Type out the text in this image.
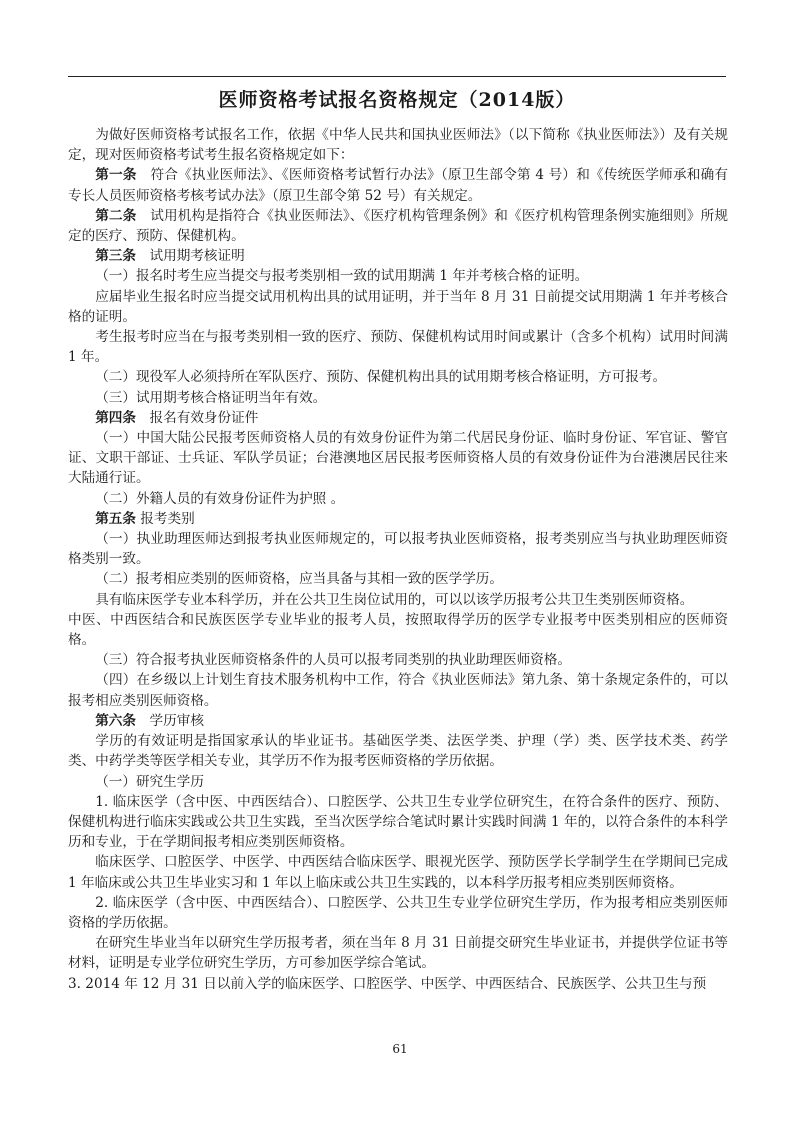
医师资格考试报名资格规定（2014版）

为做好医师资格考试报名工作，依据《中华人民共和国执业医师法》（以下简称《执业医师法》）及有关规定，现对医师资格考试考生报名资格规定如下：

第一条　符合《执业医师法》、《医师资格考试暂行办法》（原卫生部令第 4 号）和《传统医学师承和确有专长人员医师资格考核考试办法》（原卫生部令第 52 号）有关规定。

第二条　试用机构是指符合《执业医师法》、《医疗机构管理条例》和《医疗机构管理条例实施细则》所规定的医疗、预防、保健机构。

第三条　试用期考核证明

（一）报名时考生应当提交与报考类别相一致的试用期满 1 年并考核合格的证明。

应届毕业生报名时应当提交试用机构出具的试用证明，并于当年 8 月 31 日前提交试用期满 1 年并考核合格的证明。

考生报考时应当在与报考类别相一致的医疗、预防、保健机构试用时间或累计（含多个机构）试用时间满 1 年。

（二）现役军人必须持所在军队医疗、预防、保健机构出具的试用期考核合格证明，方可报考。

（三）试用期考核合格证明当年有效。

第四条　报名有效身份证件

（一）中国大陆公民报考医师资格人员的有效身份证件为第二代居民身份证、临时身份证、军官证、警官证、文职干部证、士兵证、军队学员证；台港澳地区居民报考医师资格人员的有效身份证件为台港澳居民往来大陆通行证。

（二）外籍人员的有效身份证件为护照 。

第五条 报考类别

（一）执业助理医师达到报考执业医师规定的，可以报考执业医师资格，报考类别应当与执业助理医师资格类别一致。

（二）报考相应类别的医师资格，应当具备与其相一致的医学学历。

具有临床医学专业本科学历，并在公共卫生岗位试用的，可以以该学历报考公共卫生类别医师资格。

中医、中西医结合和民族医医学专业毕业的报考人员，按照取得学历的医学专业报考中医类别相应的医师资格。

（三）符合报考执业医师资格条件的人员可以报考同类别的执业助理医师资格。

（四）在乡级以上计划生育技术服务机构中工作，符合《执业医师法》第九条、第十条规定条件的，可以报考相应类别医师资格。

第六条　学历审核

学历的有效证明是指国家承认的毕业证书。基础医学类、法医学类、护理（学）类、医学技术类、药学类、中药学类等医学相关专业，其学历不作为报考医师资格的学历依据。

（一）研究生学历

1. 临床医学（含中医、中西医结合）、口腔医学、公共卫生专业学位研究生，在符合条件的医疗、预防、保健机构进行临床实践或公共卫生实践，至当次医学综合笔试时累计实践时间满 1 年的，以符合条件的本科学历和专业，于在学期间报考相应类别医师资格。

临床医学、口腔医学、中医学、中西医结合临床医学、眼视光医学、预防医学长学制学生在学期间已完成 1 年临床或公共卫生毕业实习和 1 年以上临床或公共卫生实践的，以本科学历报考相应类别医师资格。

2. 临床医学（含中医、中西医结合）、口腔医学、公共卫生专业学位研究生学历，作为报考相应类别医师资格的学历依据。

在研究生毕业当年以研究生学历报考者，须在当年 8 月 31 日前提交研究生毕业证书，并提供学位证书等材料，证明是专业学位研究生学历，方可参加医学综合笔试。

3. 2014 年 12 月 31 日以前入学的临床医学、口腔医学、中医学、中西医结合、民族医学、公共卫生与预

61
